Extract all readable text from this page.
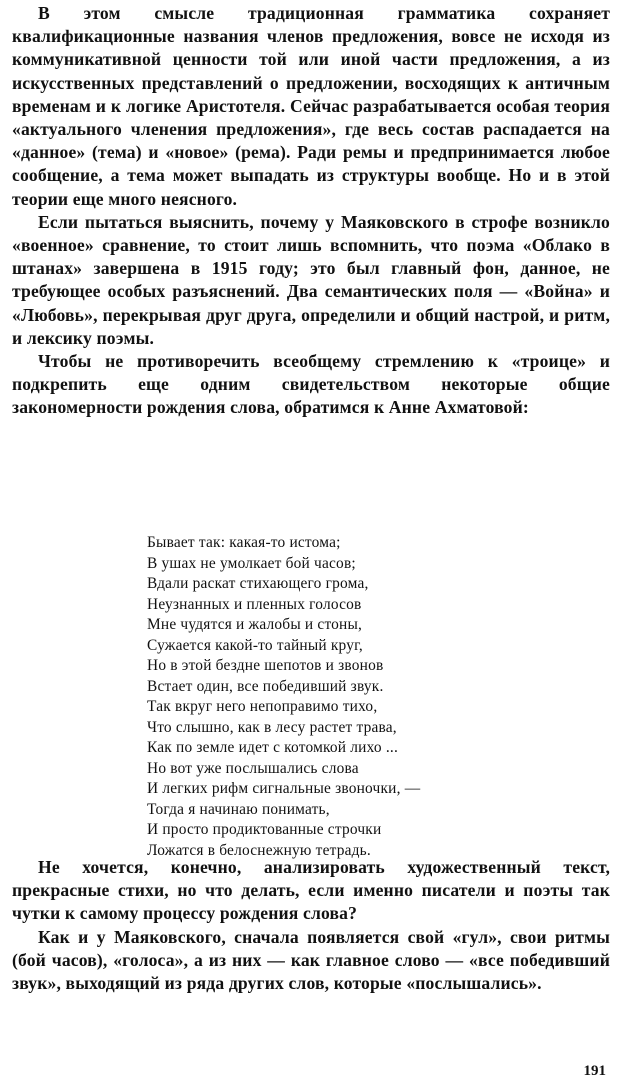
В этом смысле традиционная грамматика сохраняет квалификационные названия членов предложения, вовсе не исходя из коммуникативной ценности той или иной части предложения, а из искусственных представлений о предложении, восходящих к античным временам и к логике Аристотеля. Сейчас разрабатывается особая теория «актуального членения предложения», где весь состав распадается на «данное» (тема) и «новое» (рема). Ради ремы и предпринимается любое сообщение, а тема может выпадать из структуры вообще. Но и в этой теории еще много неясного.

Если пытаться выяснить, почему у Маяковского в строфе возникло «военное» сравнение, то стоит лишь вспомнить, что поэма «Облако в штанах» завершена в 1915 году; это был главный фон, данное, не требующее особых разъяснений. Два семантических поля — «Война» и «Любовь», перекрывая друг друга, определили и общий настрой, и ритм, и лексику поэмы.

Чтобы не противоречить всеобщему стремлению к «троице» и подкрепить еще одним свидетельством некоторые общие закономерности рождения слова, обратимся к Анне Ахматовой:

Бывает так: какая-то истома;
В ушах не умолкает бой часов;
Вдали раскат стихающего грома,
Неузнанных и пленных голосов
Мне чудятся и жалобы и стоны,
Сужается какой-то тайный круг,
Но в этой бездне шепотов и звонов
Встает один, все победивший звук.
Так вкруг него непоправимо тихо,
Что слышно, как в лесу растет трава,
Как по земле идет с котомкой лихо ...
Но вот уже послышались слова
И легких рифм сигнальные звоночки, —
Тогда я начинаю понимать,
И просто продиктованные строчки
Ложатся в белоснежную тетрадь.

Не хочется, конечно, анализировать художественный текст, прекрасные стихи, но что делать, если именно писатели и поэты так чутки к самому процессу рождения слова?

Как и у Маяковского, сначала появляется свой «гул», свои ритмы (бой часов), «голоса», а из них — как главное слово — «все победивший звук», выходящий из ряда других слов, которые «послышались».

191
